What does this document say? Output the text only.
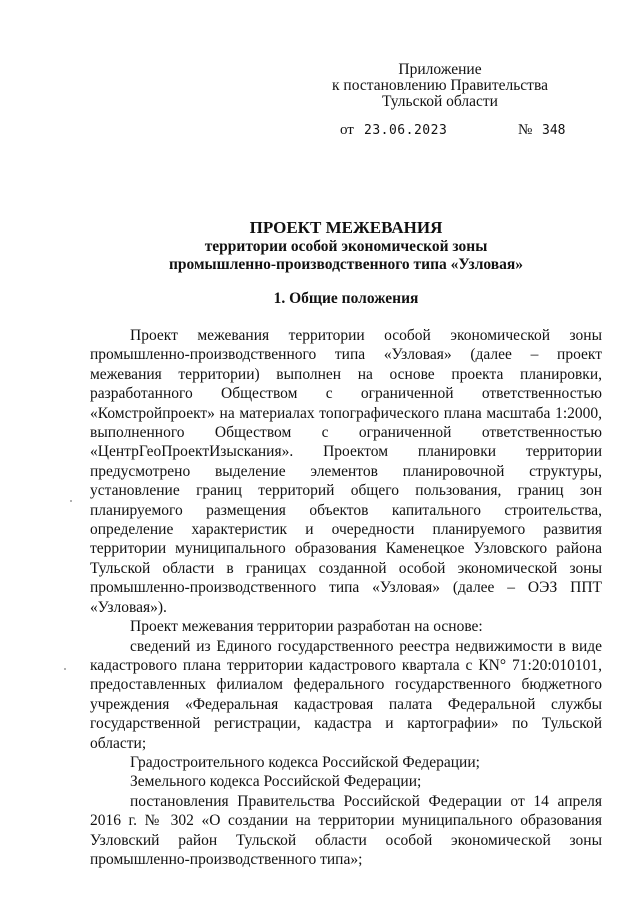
Приложение
к постановлению Правительства
Тульской области
от 23.06.2023	№ 348
ПРОЕКТ МЕЖЕВАНИЯ
территории особой экономической зоны
промышленно-производственного типа «Узловая»
1. Общие положения

Проект межевания территории особой экономической зоны промышленно-производственного типа «Узловая» (далее – проект межевания территории) выполнен на основе проекта планировки, разработанного Обществом с ограниченной ответственностью «Комстройпроект» на материалах топографического плана масштаба 1:2000, выполненного Обществом с ограниченной ответственностью «ЦентрГеоПроектИзыскания». Проектом планировки территории предусмотрено выделение элементов планировочной структуры, установление границ территорий общего пользования, границ зон планируемого размещения объектов капитального строительства, определение характеристик и очередности планируемого развития территории муниципального образования Каменецкое Узловского района Тульской области в границах созданной особой экономической зоны промышленно-производственного типа «Узловая» (далее – ОЭЗ ППТ «Узловая»).

Проект межевания территории разработан на основе:

сведений из Единого государственного реестра недвижимости в виде кадастрового плана территории кадастрового квартала с КN° 71:20:010101, предоставленных филиалом федерального государственного бюджетного учреждения «Федеральная кадастровая палата Федеральной службы государственной регистрации, кадастра и картографии» по Тульской области;

Градостроительного кодекса Российской Федерации;

Земельного кодекса Российской Федерации;

постановления Правительства Российской Федерации от 14 апреля 2016 г. № 302 «О создании на территории муниципального образования Узловский район Тульской области особой экономической зоны промышленно-производственного типа»;
